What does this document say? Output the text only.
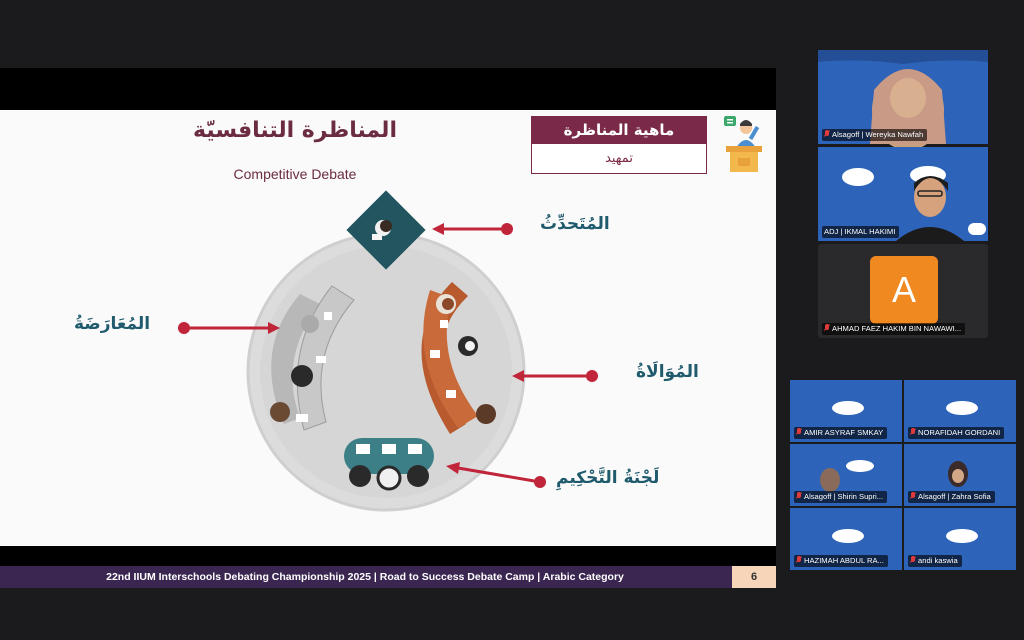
المناظرة التنافسيّة
Competitive Debate
ماهية المناظرة
تمهيد
المُتَحدِّثُ
المُعَارَضَةُ
المُوَالَاةُ
لَجْنَةُ التَّحْكِيمِ
22nd IIUM Interschools Debating Championship 2025 | Road to Success Debate Camp | Arabic Category	6
Alsagoff | Wereyka Nawfah
ADJ | IKMAL HAKIMI
A
AHMAD FAEZ HAKIM BIN NAWAWI...
AMIR ASYRAF SMKAY	NORAFIDAH GORDANI
Alsagoff | Shirin Supri...	Alsagoff | Zahra Sofia
HAZIMAH ABDUL RA...	andi kaswia
